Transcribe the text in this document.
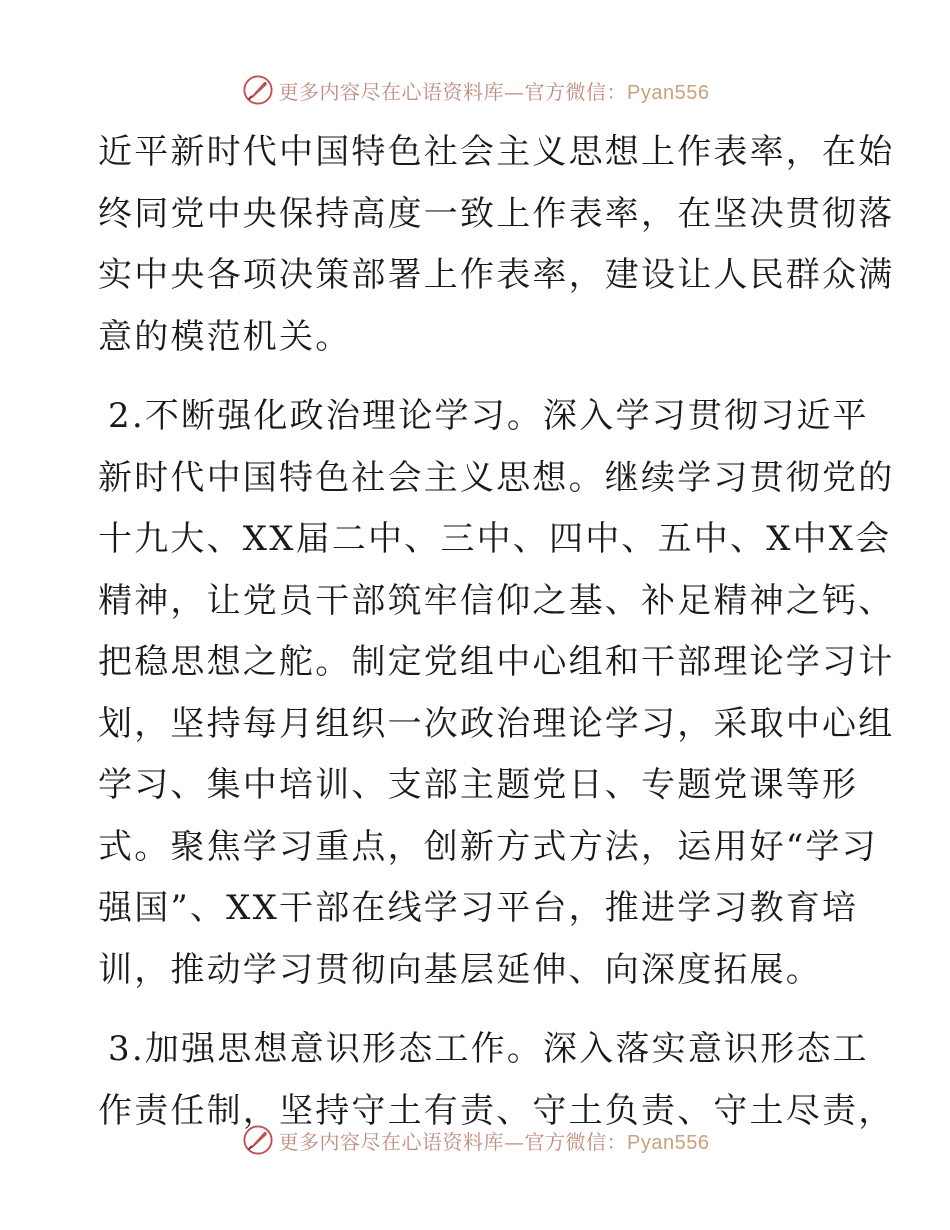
更多内容尽在心语资料库—官方微信：Pyan556

近平新时代中国特色社会主义思想上作表率，在始
终同党中央保持高度一致上作表率，在坚决贯彻落
实中央各项决策部署上作表率，建设让人民群众满
意的模范机关。

2.不断强化政治理论学习。深入学习贯彻习近平
新时代中国特色社会主义思想。继续学习贯彻党的
十九大、XX届二中、三中、四中、五中、X中X会
精神，让党员干部筑牢信仰之基、补足精神之钙、
把稳思想之舵。制定党组中心组和干部理论学习计
划，坚持每月组织一次政治理论学习，采取中心组
学习、集中培训、支部主题党日、专题党课等形
式。聚焦学习重点，创新方式方法，运用好“学习
强国”、XX干部在线学习平台，推进学习教育培
训，推动学习贯彻向基层延伸、向深度拓展。

3.加强思想意识形态工作。深入落实意识形态工
作责任制，坚持守土有责、守土负责、守土尽责，

更多内容尽在心语资料库—官方微信：Pyan556
